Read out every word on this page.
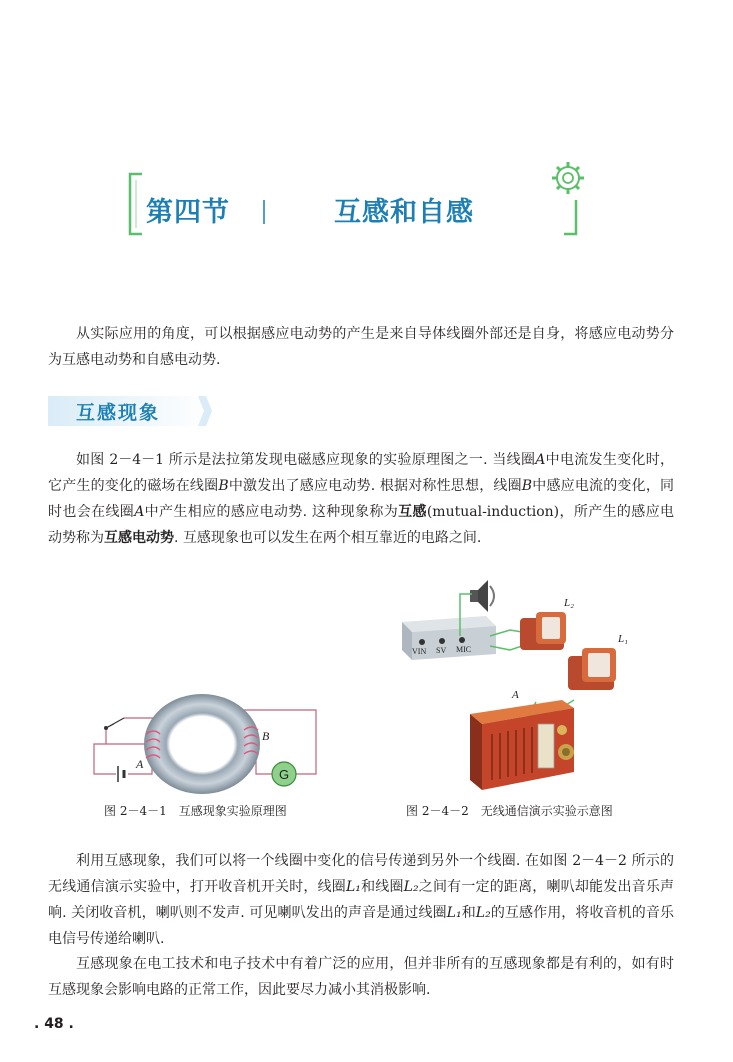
第四节	互感和自感

从实际应用的角度，可以根据感应电动势的产生是来自导体线圈外部还是自身，将感应电动势分为互感电动势和自感电动势.

互感现象

如图 2－4－1 所示是法拉第发现电磁感应现象的实验原理图之一. 当线圈A中电流发生变化时，它产生的变化的磁场在线圈B中激发出了感应电动势. 根据对称性思想，线圈B中感应电流的变化，同时也会在线圈A中产生相应的感应电动势. 这种现象称为互感(mutual-induction)，所产生的感应电动势称为互感电动势. 互感现象也可以发生在两个相互靠近的电路之间.

G
A
B
图 2－4－1　互感现象实验原理图
VIN SV MIC
L₂
L₁
A
图 2－4－2　无线通信演示实验示意图

利用互感现象，我们可以将一个线圈中变化的信号传递到另外一个线圈. 在如图 2－4－2 所示的无线通信演示实验中，打开收音机开关时，线圈L₁和线圈L₂之间有一定的距离，喇叭却能发出音乐声响. 关闭收音机，喇叭则不发声. 可见喇叭发出的声音是通过线圈L₁和L₂的互感作用，将收音机的音乐电信号传递给喇叭.

互感现象在电工技术和电子技术中有着广泛的应用，但并非所有的互感现象都是有利的，如有时互感现象会影响电路的正常工作，因此要尽力减小其消极影响.

. 48 .
